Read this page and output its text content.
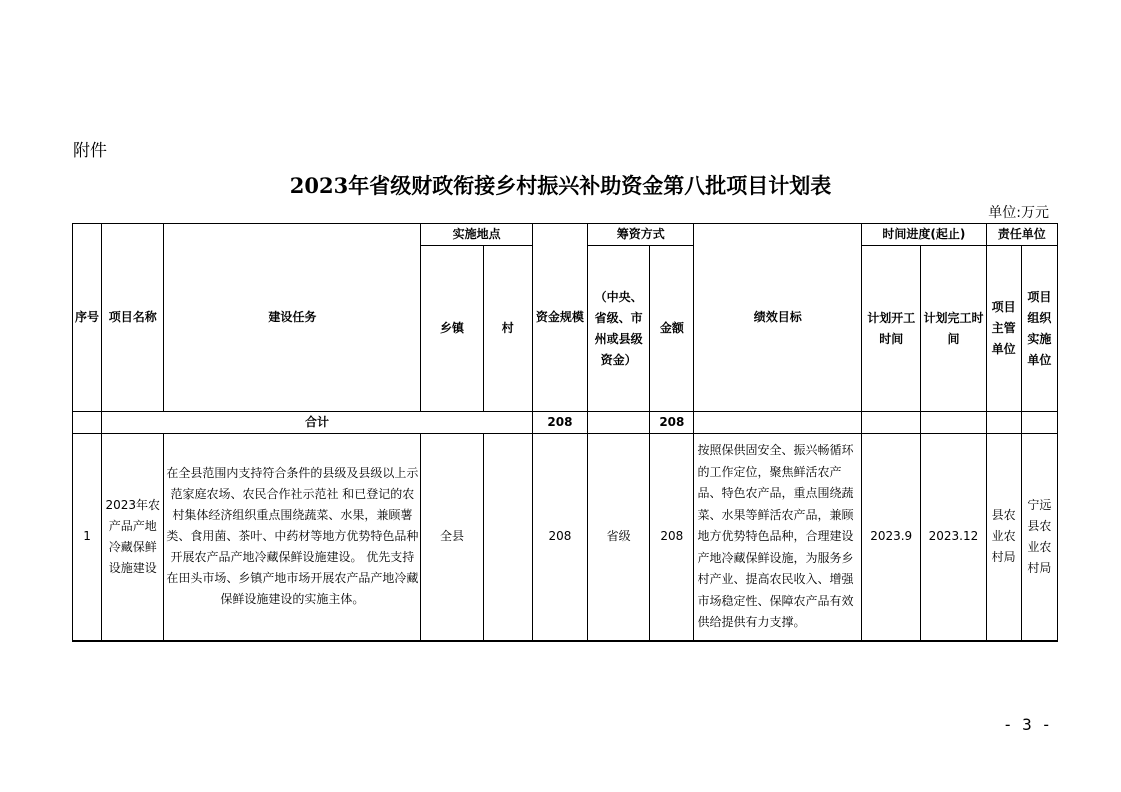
附件
2023年省级财政衔接乡村振兴补助资金第八批项目计划表
单位:万元
序号	项目名称	建设任务	实施地点		资金规模	筹资方式		绩效目标	时间进度(起止)		责任单位	
			乡镇	村		（中央、省级、市州或县级资金）	金额		计划开工时间	计划完工时间	项目主管单位	项目组织实施单位
	合计				208		208					
1	2023年农产品产地冷藏保鲜设施建设	在全县范围内支持符合条件的县级及县级以上示范家庭农场、农民合作社示范社 和已登记的农村集体经济组织重点围绕蔬菜、水果，兼顾薯类、食用菌、茶叶、中药材等地方优势特色品种开展农产品产地冷藏保鲜设施建设。 优先支持在田头市场、乡镇产地市场开展农产品产地冷藏保鲜设施建设的实施主体。	全县		208	省级	208	按照保供固安全、振兴畅循环的工作定位，聚焦鲜活农产品、特色农产品，重点围绕蔬菜、水果等鲜活农产品，兼顾地方优势特色品种，合理建设产地冷藏保鲜设施，为服务乡村产业、提高农民收入、增强市场稳定性、保障农产品有效供给提供有力支撑。	2023.9	2023.12	县农业农村局	宁远县农业农村局
- 3 -
